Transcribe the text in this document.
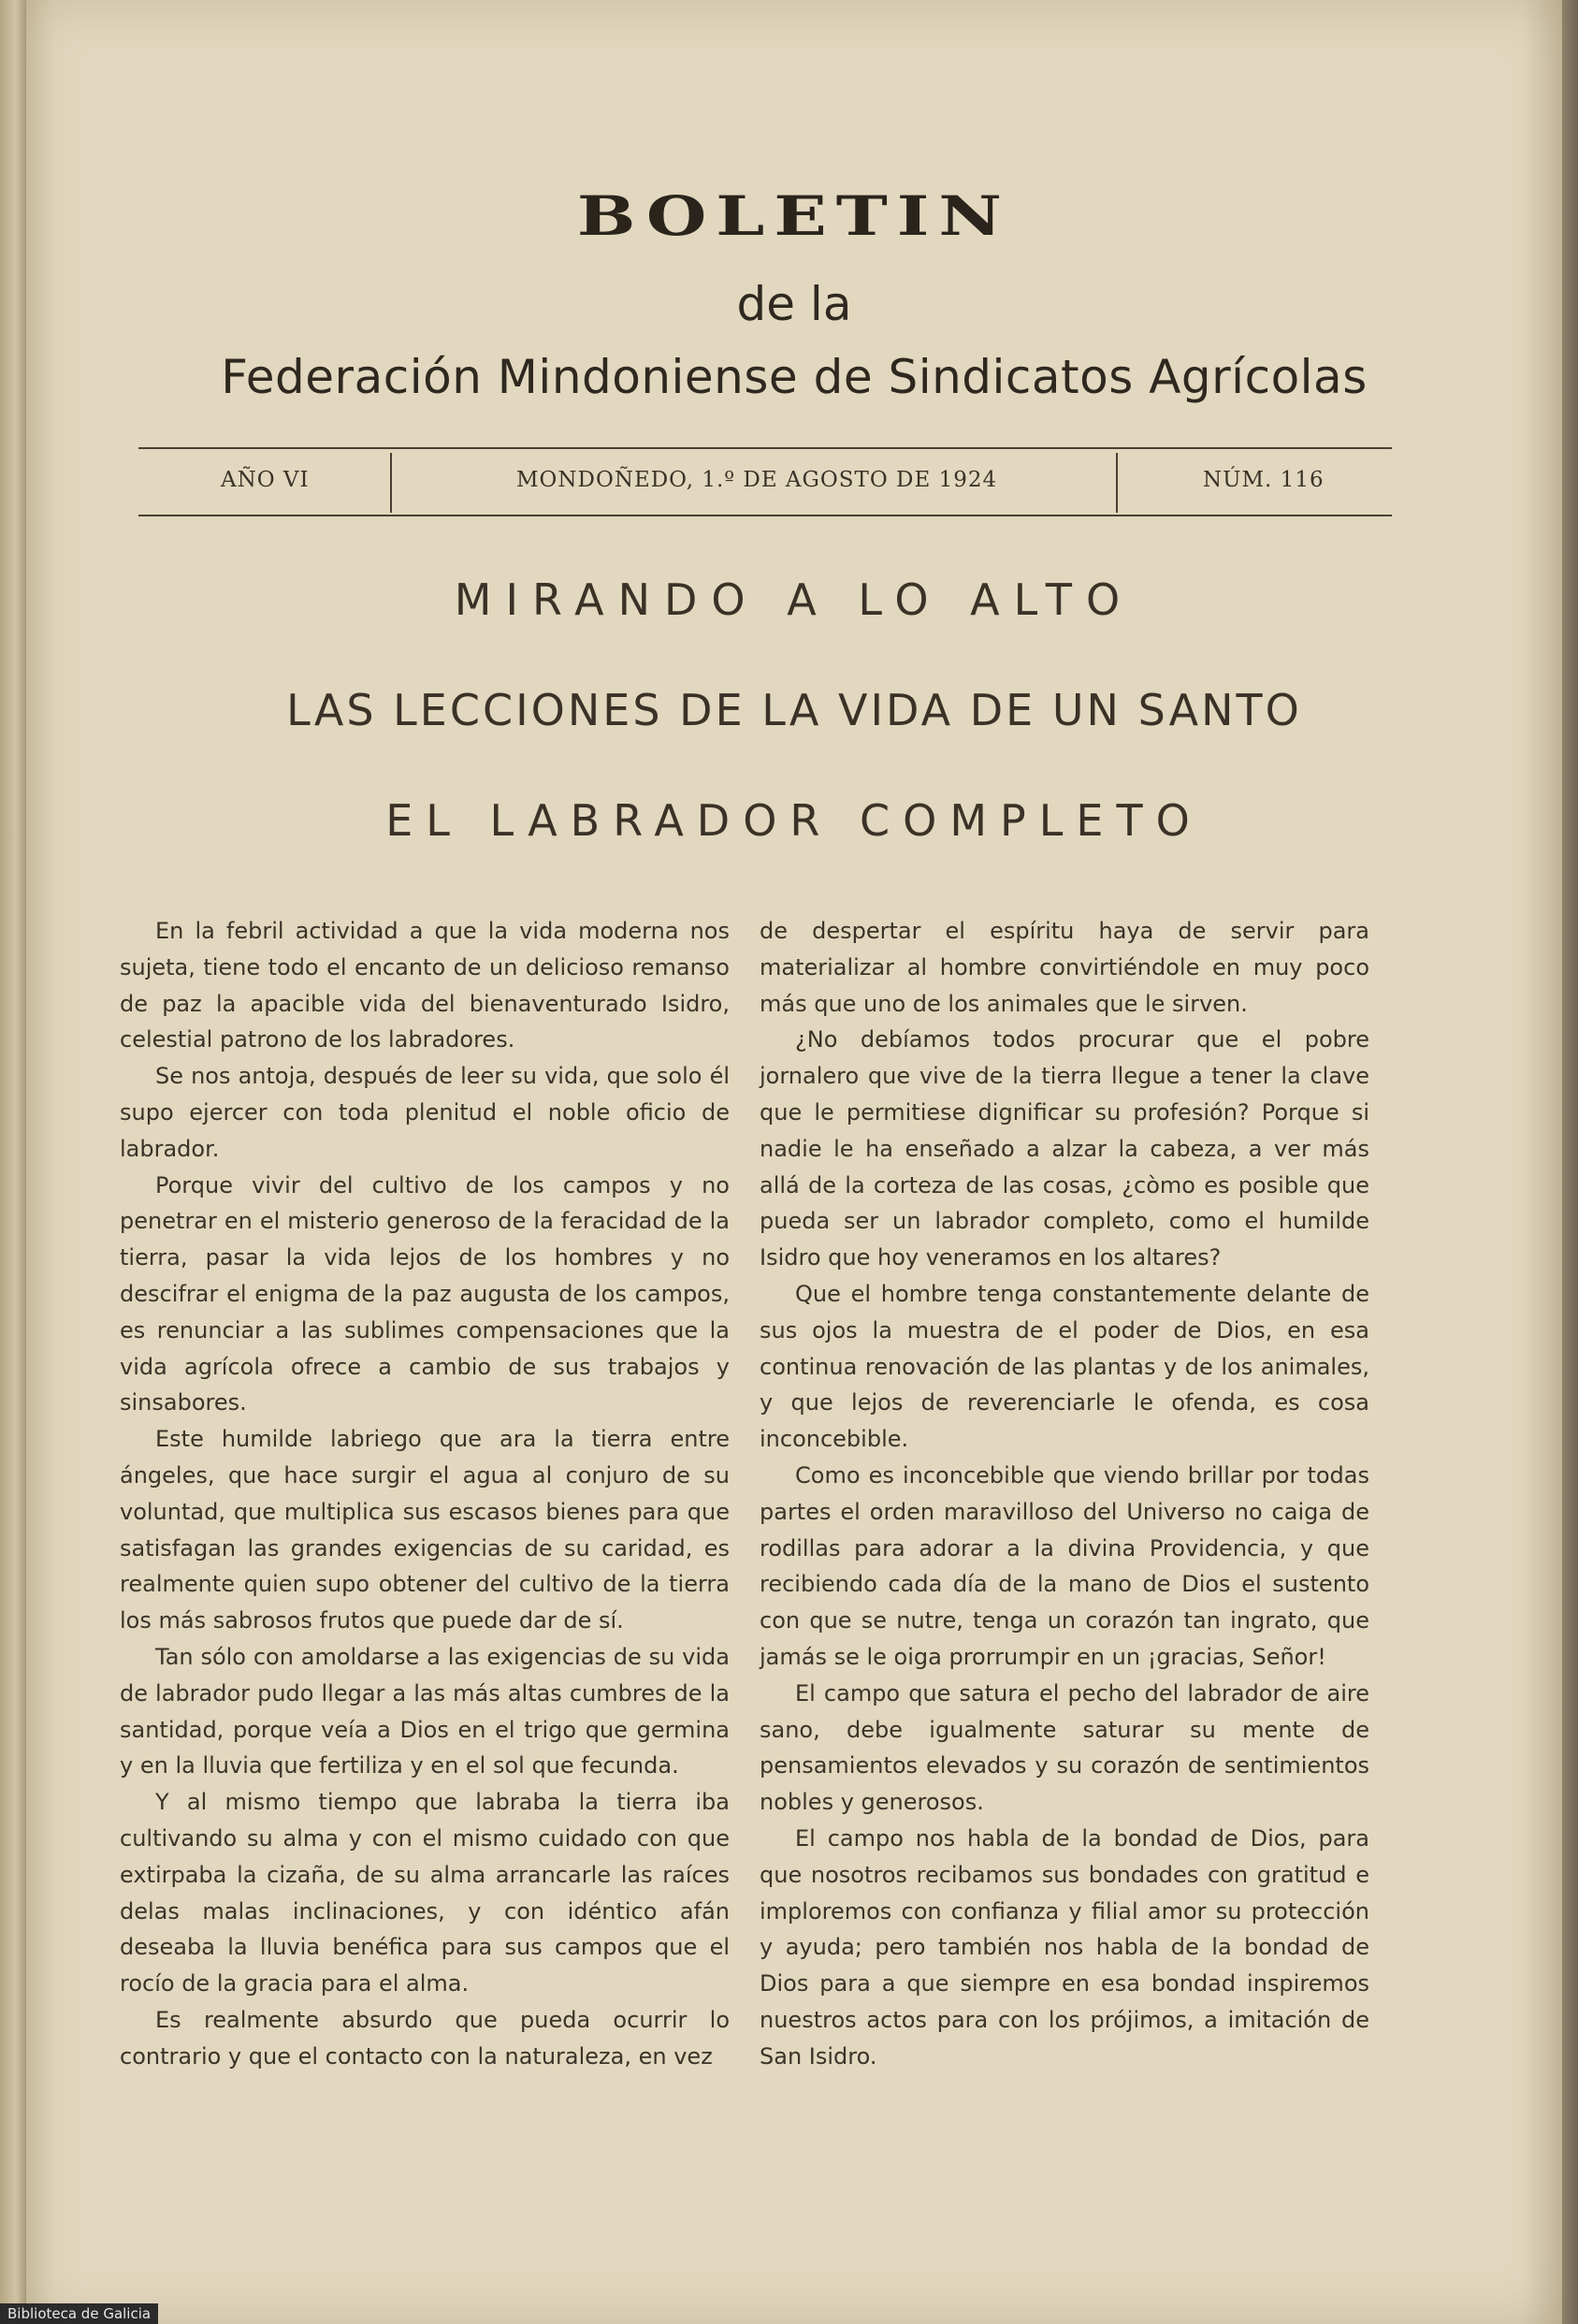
BOLETIN
de la
Federación Mindoniense de Sindicatos Agrícolas
AÑO VI	MONDOÑEDO, 1.º DE AGOSTO DE 1924	NÚM. 116
MIRANDO A LO ALTO
LAS LECCIONES DE LA VIDA DE UN SANTO
EL LABRADOR COMPLETO

En la febril actividad a que la vida moderna nos sujeta, tiene todo el encanto de un delicioso remanso de paz la apacible vida del bienaventurado Isidro, celestial patrono de los labradores.

Se nos antoja, después de leer su vida, que solo él supo ejercer con toda plenitud el noble oficio de labrador.

Porque vivir del cultivo de los campos y no penetrar en el misterio generoso de la feracidad de la tierra, pasar la vida lejos de los hombres y no descifrar el enigma de la paz augusta de los campos, es renunciar a las sublimes compensaciones que la vida agrícola ofrece a cambio de sus trabajos y sinsabores.

Este humilde labriego que ara la tierra entre ángeles, que hace surgir el agua al conjuro de su voluntad, que multiplica sus escasos bienes para que satisfagan las grandes exigencias de su caridad, es realmente quien supo obtener del cultivo de la tierra los más sabrosos frutos que puede dar de sí.

Tan sólo con amoldarse a las exigencias de su vida de labrador pudo llegar a las más altas cumbres de la santidad, porque veía a Dios en el trigo que germina y en la lluvia que fertiliza y en el sol que fecunda.

Y al mismo tiempo que labraba la tierra iba cultivando su alma y con el mismo cuidado con que extirpaba la cizaña, de su alma arrancarle las raíces delas malas inclinaciones, y con idéntico afán deseaba la lluvia benéfica para sus campos que el rocío de la gracia para el alma.

Es realmente absurdo que pueda ocurrir lo contrario y que el contacto con la naturaleza, en vez

de despertar el espíritu haya de servir para materializar al hombre convirtiéndole en muy poco más que uno de los animales que le sirven.

¿No debíamos todos procurar que el pobre jornalero que vive de la tierra llegue a tener la clave que le permitiese dignificar su profesión? Porque si nadie le ha enseñado a alzar la cabeza, a ver más allá de la corteza de las cosas, ¿còmo es posible que pueda ser un labrador completo, como el humilde Isidro que hoy veneramos en los altares?

Que el hombre tenga constantemente delante de sus ojos la muestra de el poder de Dios, en esa continua renovación de las plantas y de los animales, y que lejos de reverenciarle le ofenda, es cosa inconcebible.

Como es inconcebible que viendo brillar por todas partes el orden maravilloso del Universo no caiga de rodillas para adorar a la divina Providencia, y que recibiendo cada día de la mano de Dios el sustento con que se nutre, tenga un corazón tan ingrato, que jamás se le oiga prorrumpir en un ¡gracias, Señor!

El campo que satura el pecho del labrador de aire sano, debe igualmente saturar su mente de pensamientos elevados y su corazón de sentimientos nobles y generosos.

El campo nos habla de la bondad de Dios, para que nosotros recibamos sus bondades con gratitud e imploremos con confianza y filial amor su protección y ayuda; pero también nos habla de la bondad de Dios para a que siempre en esa bondad inspiremos nuestros actos para con los prójimos, a imitación de San Isidro.

Biblioteca de Galicia
